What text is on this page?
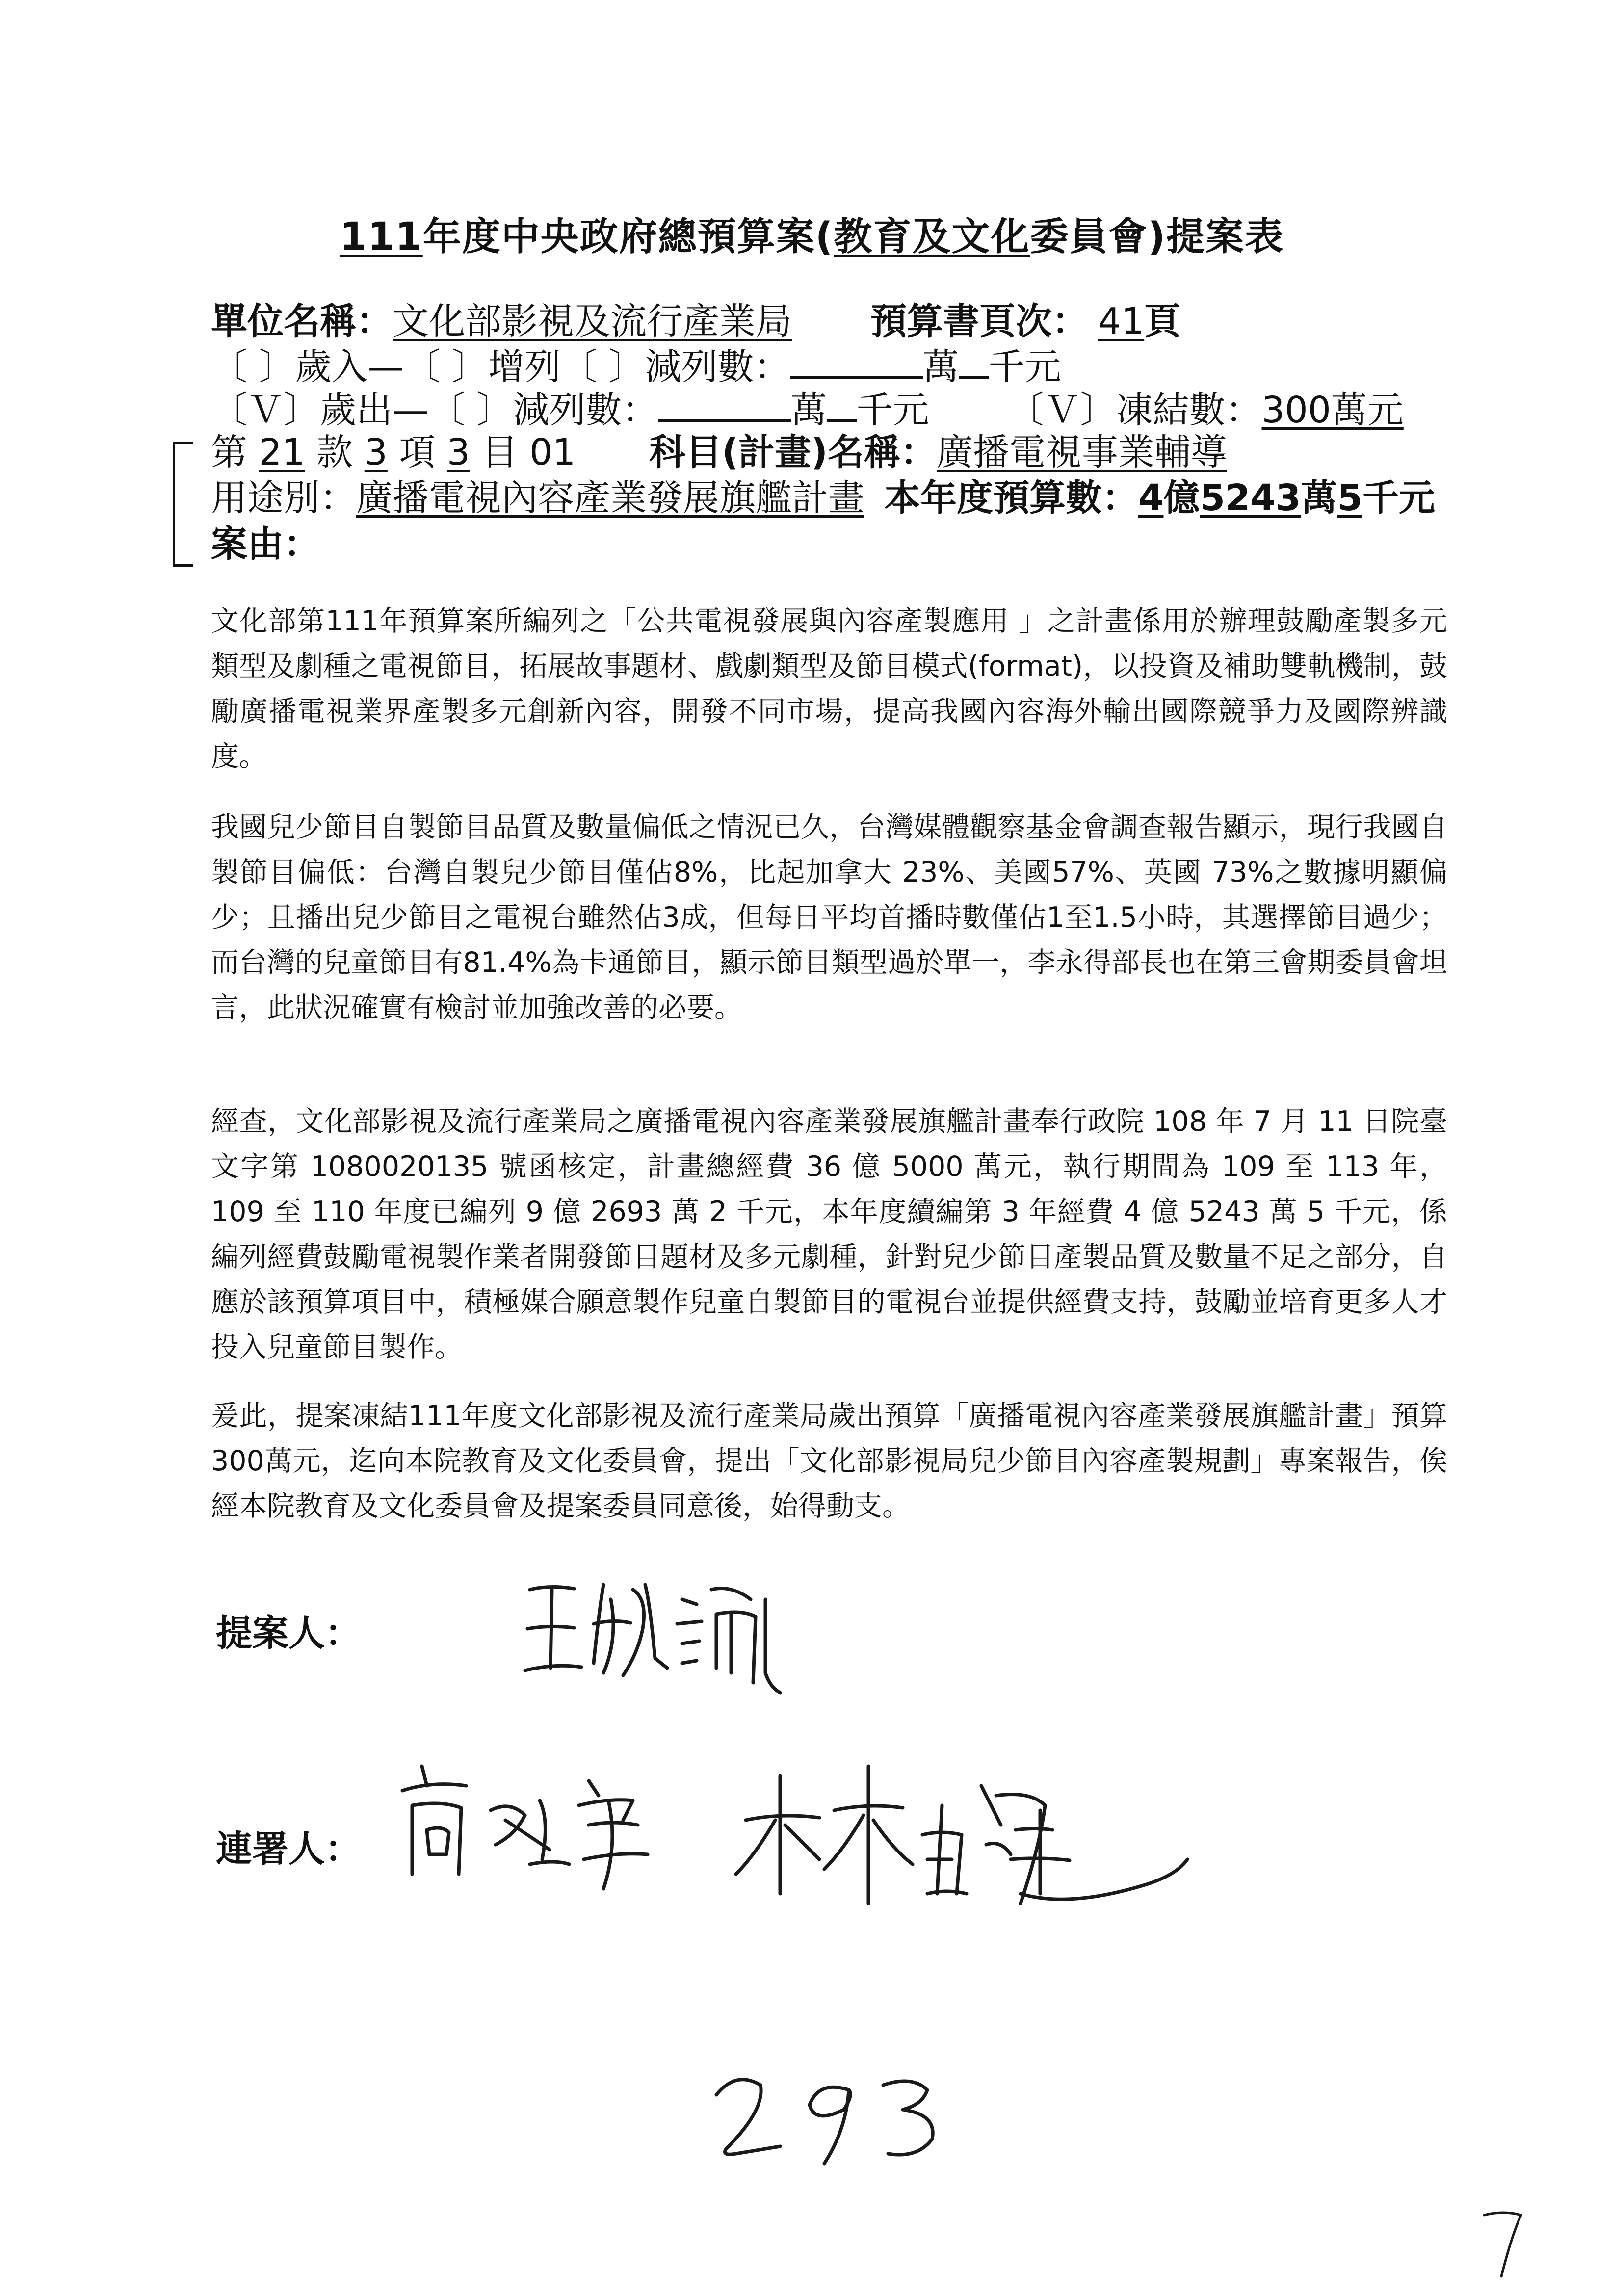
111年度中央政府總預算案(教育及文化委員會)提案表
單位名稱：文化部影視及流行產業局 預算書頁次： 41頁
〔 〕歲入—〔 〕增列〔 〕減列數：	萬 千元
〔Ｖ〕歲出—〔 〕減列數：	萬 千元 〔Ｖ〕凍結數：300萬元
第 21 款 3 項 3 目 01 科目(計畫)名稱：廣播電視事業輔導
用途別：廣播電視內容產業發展旗艦計畫 本年度預算數：4億5243萬5千元
案由：
文化部第111年預算案所編列之「公共電視發展與內容產製應用 」之計畫係用於辦理鼓勵產製多元類型及劇種之電視節目，拓展故事題材、戲劇類型及節目模式(format)，以投資及補助雙軌機制，鼓勵廣播電視業界產製多元創新內容，開發不同市場，提高我國內容海外輸出國際競爭力及國際辨識度。
我國兒少節目自製節目品質及數量偏低之情況已久，台灣媒體觀察基金會調查報告顯示，現行我國自製節目偏低：台灣自製兒少節目僅佔8%，比起加拿大 23%、美國57%、英國 73%之數據明顯偏少；且播出兒少節目之電視台雖然佔3成，但每日平均首播時數僅佔1至1.5小時，其選擇節目過少；而台灣的兒童節目有81.4%為卡通節目，顯示節目類型過於單一，李永得部長也在第三會期委員會坦言，此狀況確實有檢討並加強改善的必要。
經查，文化部影視及流行產業局之廣播電視內容產業發展旗艦計畫奉行政院 108 年 7 月 11 日院臺文字第 1080020135 號函核定，計畫總經費 36 億 5000 萬元，執行期間為 109 至 113 年， 109 至 110 年度已編列 9 億 2693 萬 2 千元，本年度續編第 3 年經費 4 億 5243 萬 5 千元，係編列經費鼓勵電視製作業者開發節目題材及多元劇種，針對兒少節目產製品質及數量不足之部分，自應於該預算項目中，積極媒合願意製作兒童自製節目的電視台並提供經費支持，鼓勵並培育更多人才投入兒童節目製作。
爰此，提案凍結111年度文化部影視及流行產業局歲出預算「廣播電視內容產業發展旗艦計畫」預算300萬元，迄向本院教育及文化委員會，提出「文化部影視局兒少節目內容產製規劃」專案報告，俟經本院教育及文化委員會及提案委員同意後，始得動支。
提案人：
連署人：
